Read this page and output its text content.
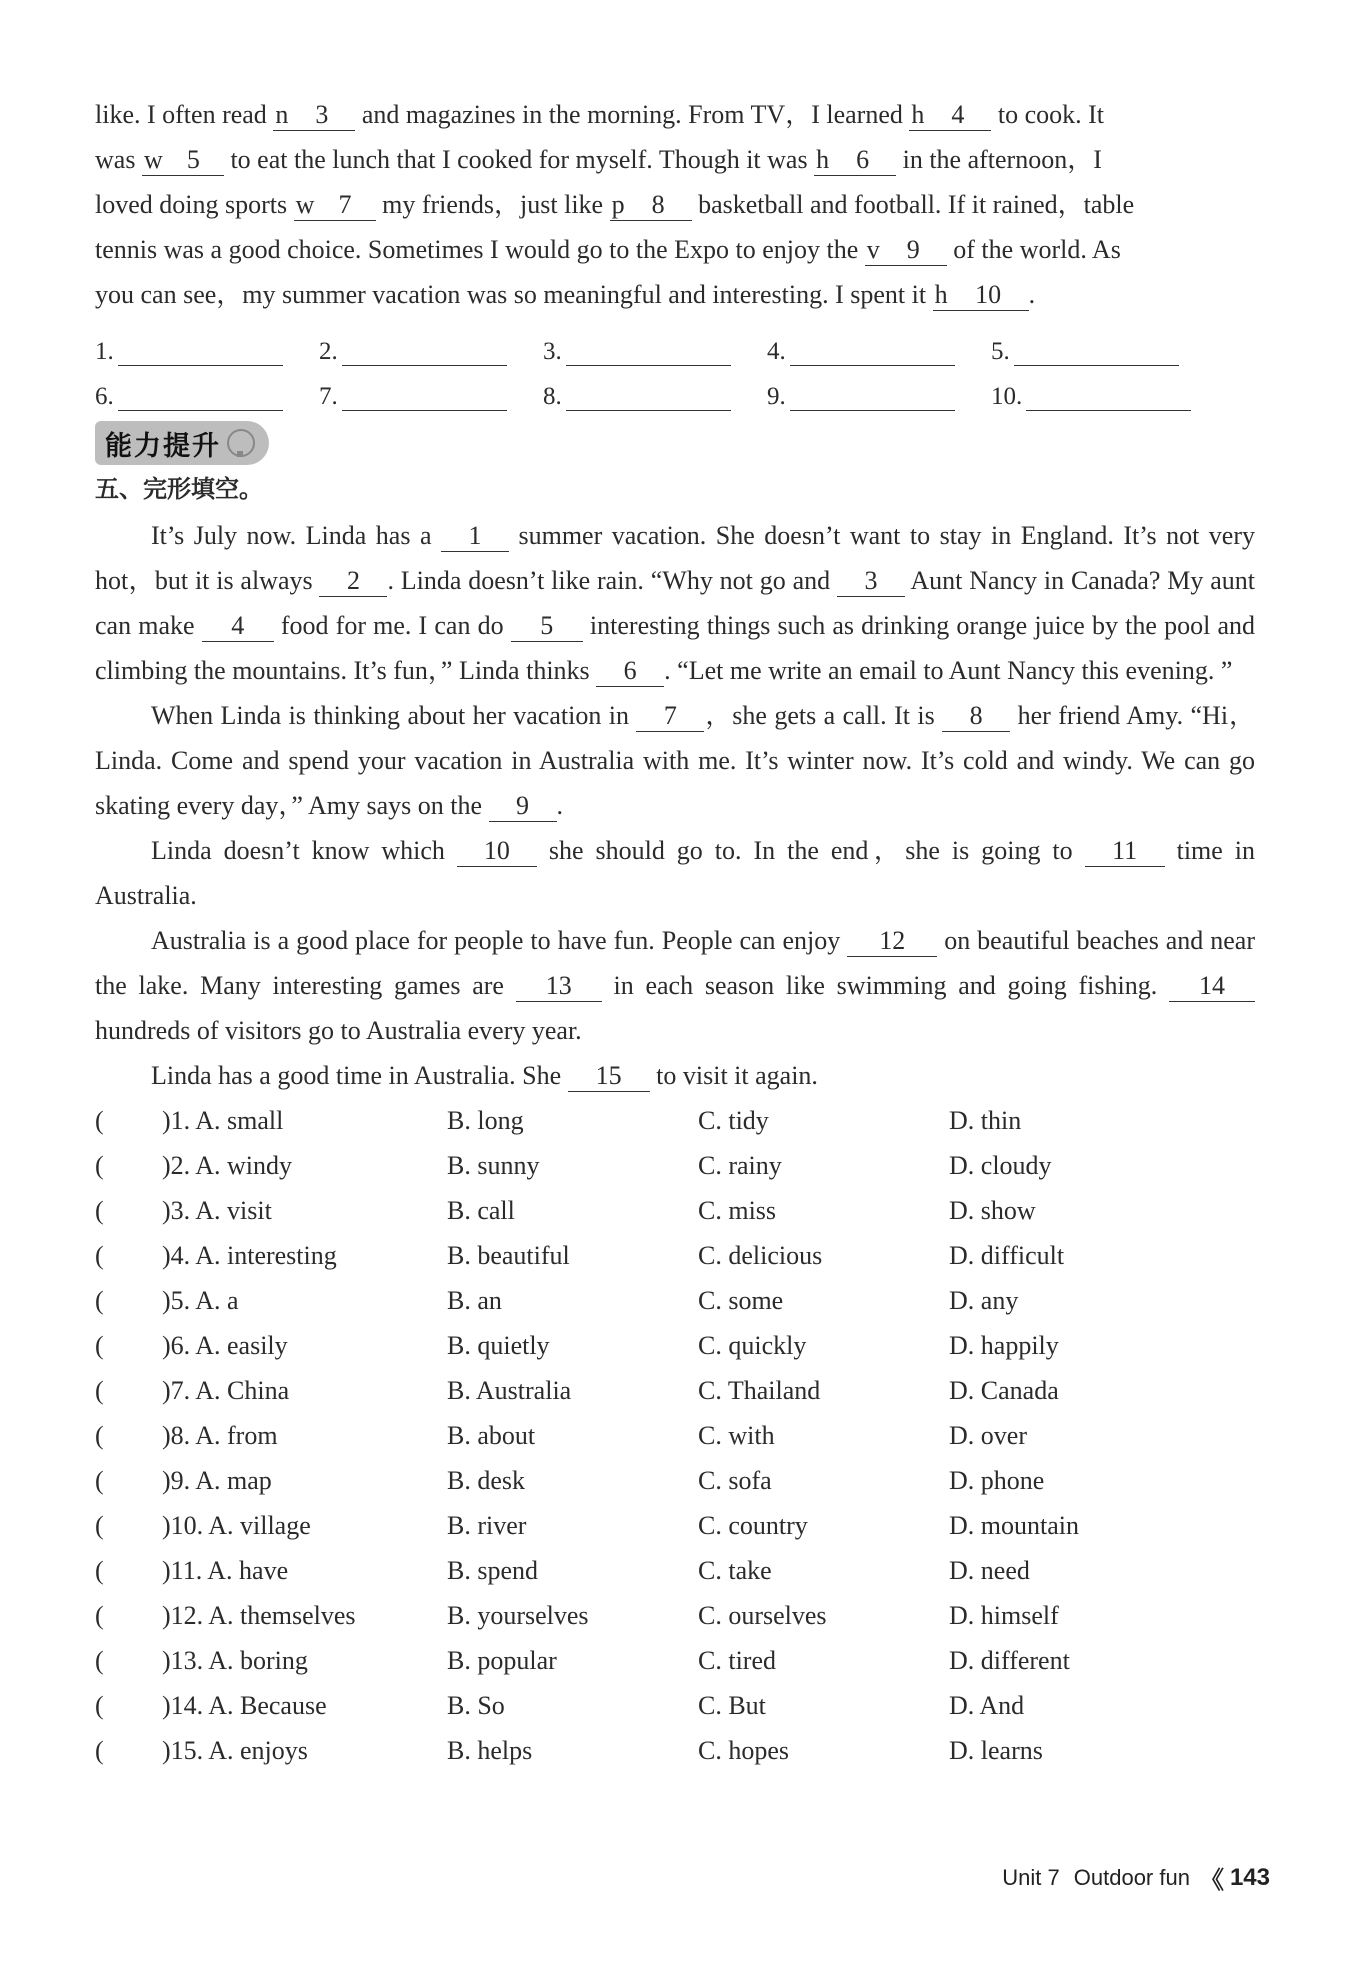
like. I often read n 3 and magazines in the morning. From TV，I learned h 4 to cook. It

was w 5 to eat the lunch that I cooked for myself. Though it was h 6 in the afternoon，I

loved doing sports w 7 my friends，just like p 8 basketball and football. If it rained，table

tennis was a good choice. Sometimes I would go to the Expo to enjoy the v 9 of the world. As

you can see，my summer vacation was so meaningful and interesting. I spent it h 10 .

1.	2.	3.	4.	5.
6.	7.	8.	9.	10.
能力提升
五、完形填空。

It’s July now. Linda has a 1 summer vacation. She doesn’t want to stay in England. It’s not very hot，but it is always 2 . Linda doesn’t like rain. “Why not go and 3 Aunt Nancy in Canada? My aunt can make 4 food for me. I can do 5 interesting things such as drinking orange juice by the pool and climbing the mountains. It’s fun，” Linda thinks 6 . “Let me write an email to Aunt Nancy this evening. ”

When Linda is thinking about her vacation in 7 ，she gets a call. It is 8 her friend Amy. “Hi，Linda. Come and spend your vacation in Australia with me. It’s winter now. It’s cold and windy. We can go skating every day，” Amy says on the 9 .

Linda doesn’t know which 10 she should go to. In the end，she is going to 11 time in Australia.

Australia is a good place for people to have fun. People can enjoy 12 on beautiful beaches and near the lake. Many interesting games are 13 in each season like swimming and going fishing. 14 hundreds of visitors go to Australia every year.

Linda has a good time in Australia. She 15 to visit it again.

(	)1. A. small	B. long	C. tidy	D. thin
(	)2. A. windy	B. sunny	C. rainy	D. cloudy
(	)3. A. visit	B. call	C. miss	D. show
(	)4. A. interesting	B. beautiful	C. delicious	D. difficult
(	)5. A. a	B. an	C. some	D. any
(	)6. A. easily	B. quietly	C. quickly	D. happily
(	)7. A. China	B. Australia	C. Thailand	D. Canada
(	)8. A. from	B. about	C. with	D. over
(	)9. A. map	B. desk	C. sofa	D. phone
(	)10. A. village	B. river	C. country	D. mountain
(	)11. A. have	B. spend	C. take	D. need
(	)12. A. themselves	B. yourselves	C. ourselves	D. himself
(	)13. A. boring	B. popular	C. tired	D. different
(	)14. A. Because	B. So	C. But	D. And
(	)15. A. enjoys	B. helps	C. hopes	D. learns
Unit 7 Outdoor fun 《 143
